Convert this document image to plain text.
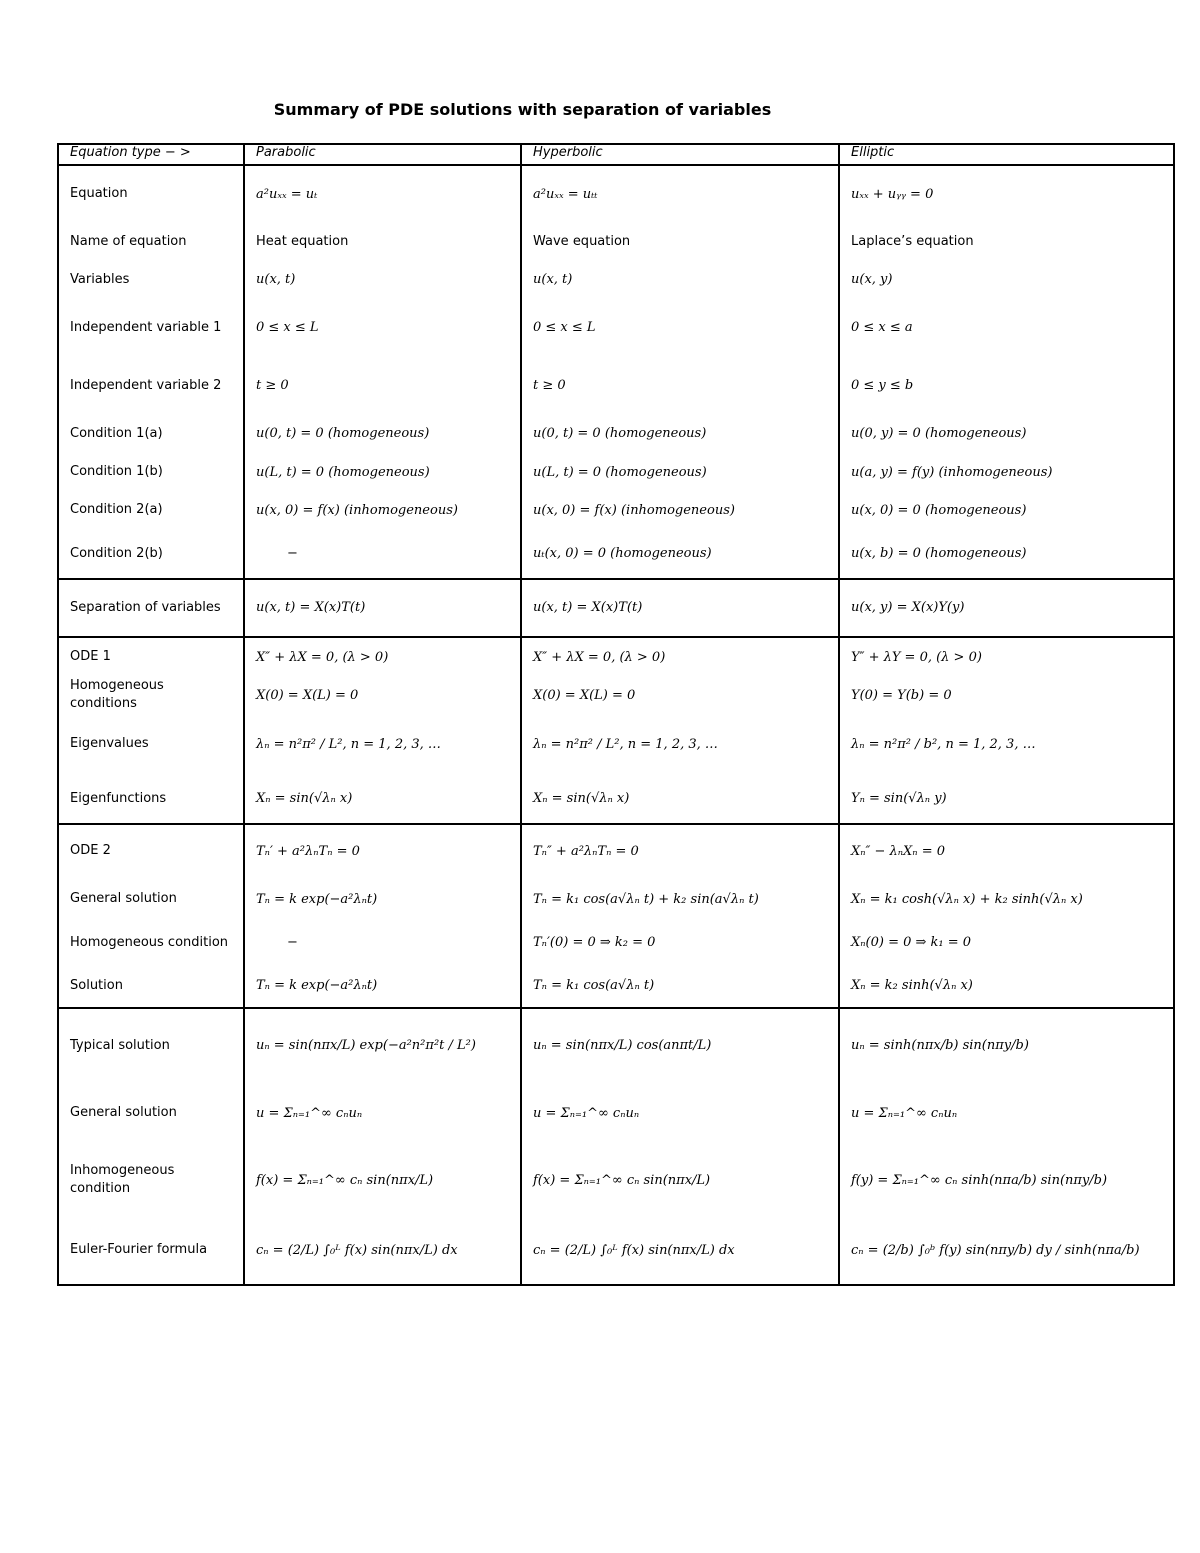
Summary of PDE solutions with separation of variables
Equation type − >	Parabolic	Hyperbolic	Elliptic
Equation	a²uₓₓ = uₜ	a²uₓₓ = uₜₜ	uₓₓ + uᵧᵧ = 0
Name of equation	Heat equation	Wave equation	Laplace’s equation
Variables	u(x, t)	u(x, t)	u(x, y)
Independent variable 1	0 ≤ x ≤ L	0 ≤ x ≤ L	0 ≤ x ≤ a
Independent variable 2	t ≥ 0	t ≥ 0	0 ≤ y ≤ b
Condition 1(a)	u(0, t) = 0 (homogeneous)	u(0, t) = 0 (homogeneous)	u(0, y) = 0 (homogeneous)
Condition 1(b)	u(L, t) = 0 (homogeneous)	u(L, t) = 0 (homogeneous)	u(a, y) = f(y) (inhomogeneous)
Condition 2(a)	u(x, 0) = f(x) (inhomogeneous)	u(x, 0) = f(x) (inhomogeneous)	u(x, 0) = 0 (homogeneous)
Condition 2(b)	−	uₜ(x, 0) = 0 (homogeneous)	u(x, b) = 0 (homogeneous)
Separation of variables	u(x, t) = X(x)T(t)	u(x, t) = X(x)T(t)	u(x, y) = X(x)Y(y)
ODE 1	X″ + λX = 0, (λ > 0)	X″ + λX = 0, (λ > 0)	Y″ + λY = 0, (λ > 0)
Homogeneous conditions	X(0) = X(L) = 0	X(0) = X(L) = 0	Y(0) = Y(b) = 0
Eigenvalues	λₙ = n²π² / L², n = 1, 2, 3, …	λₙ = n²π² / L², n = 1, 2, 3, …	λₙ = n²π² / b², n = 1, 2, 3, …
Eigenfunctions	Xₙ = sin(√λₙ x)	Xₙ = sin(√λₙ x)	Yₙ = sin(√λₙ y)
ODE 2	Tₙ′ + a²λₙTₙ = 0	Tₙ″ + a²λₙTₙ = 0	Xₙ″ − λₙXₙ = 0
General solution	Tₙ = k exp(−a²λₙt)	Tₙ = k₁ cos(a√λₙ t) + k₂ sin(a√λₙ t)	Xₙ = k₁ cosh(√λₙ x) + k₂ sinh(√λₙ x)
Homogeneous condition	−	Tₙ′(0) = 0 ⇒ k₂ = 0	Xₙ(0) = 0 ⇒ k₁ = 0
Solution	Tₙ = k exp(−a²λₙt)	Tₙ = k₁ cos(a√λₙ t)	Xₙ = k₂ sinh(√λₙ x)
Typical solution	uₙ = sin(nπx/L) exp(−a²n²π²t / L²)	uₙ = sin(nπx/L) cos(anπt/L)	uₙ = sinh(nπx/b) sin(nπy/b)
General solution	u = Σₙ₌₁^∞ cₙuₙ	u = Σₙ₌₁^∞ cₙuₙ	u = Σₙ₌₁^∞ cₙuₙ
Inhomogeneous condition	f(x) = Σₙ₌₁^∞ cₙ sin(nπx/L)	f(x) = Σₙ₌₁^∞ cₙ sin(nπx/L)	f(y) = Σₙ₌₁^∞ cₙ sinh(nπa/b) sin(nπy/b)
Euler-Fourier formula	cₙ = (2/L) ∫₀ᴸ f(x) sin(nπx/L) dx	cₙ = (2/L) ∫₀ᴸ f(x) sin(nπx/L) dx	cₙ = (2/b) ∫₀ᵇ f(y) sin(nπy/b) dy / sinh(nπa/b)
